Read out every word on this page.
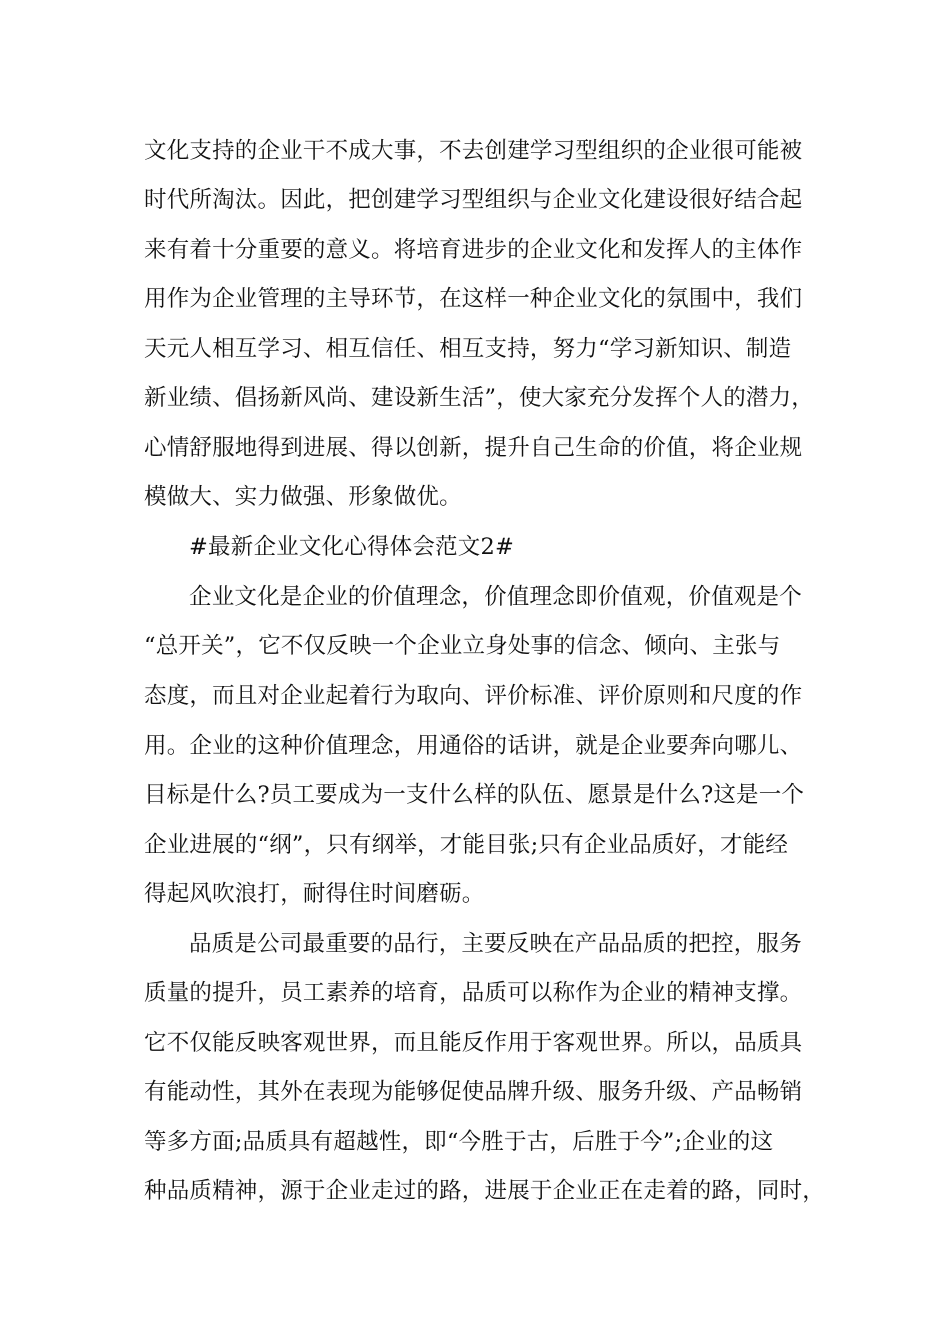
文化支持的企业干不成大事，不去创建学习型组织的企业很可能被
时代所淘汰。因此，把创建学习型组织与企业文化建设很好结合起
来有着十分重要的意义。将培育进步的企业文化和发挥人的主体作
用作为企业管理的主导环节，在这样一种企业文化的氛围中，我们
天元人相互学习、相互信任、相互支持，努力“学习新知识、制造
新业绩、倡扬新风尚、建设新生活”，使大家充分发挥个人的潜力，
心情舒服地得到进展、得以创新，提升自己生命的价值，将企业规
模做大、实力做强、形象做优。
#最新企业文化心得体会范文2#
企业文化是企业的价值理念，价值理念即价值观，价值观是个
“总开关”，它不仅反映一个企业立身处事的信念、倾向、主张与
态度，而且对企业起着行为取向、评价标准、评价原则和尺度的作
用。企业的这种价值理念，用通俗的话讲，就是企业要奔向哪儿、
目标是什么?员工要成为一支什么样的队伍、愿景是什么?这是一个
企业进展的“纲”，只有纲举，才能目张;只有企业品质好，才能经
得起风吹浪打，耐得住时间磨砺。
品质是公司最重要的品行，主要反映在产品品质的把控，服务
质量的提升，员工素养的培育，品质可以称作为企业的精神支撑。
它不仅能反映客观世界，而且能反作用于客观世界。所以，品质具
有能动性，其外在表现为能够促使品牌升级、服务升级、产品畅销
等多方面;品质具有超越性，即“今胜于古，后胜于今”;企业的这
种品质精神，源于企业走过的路，进展于企业正在走着的路，同时，
